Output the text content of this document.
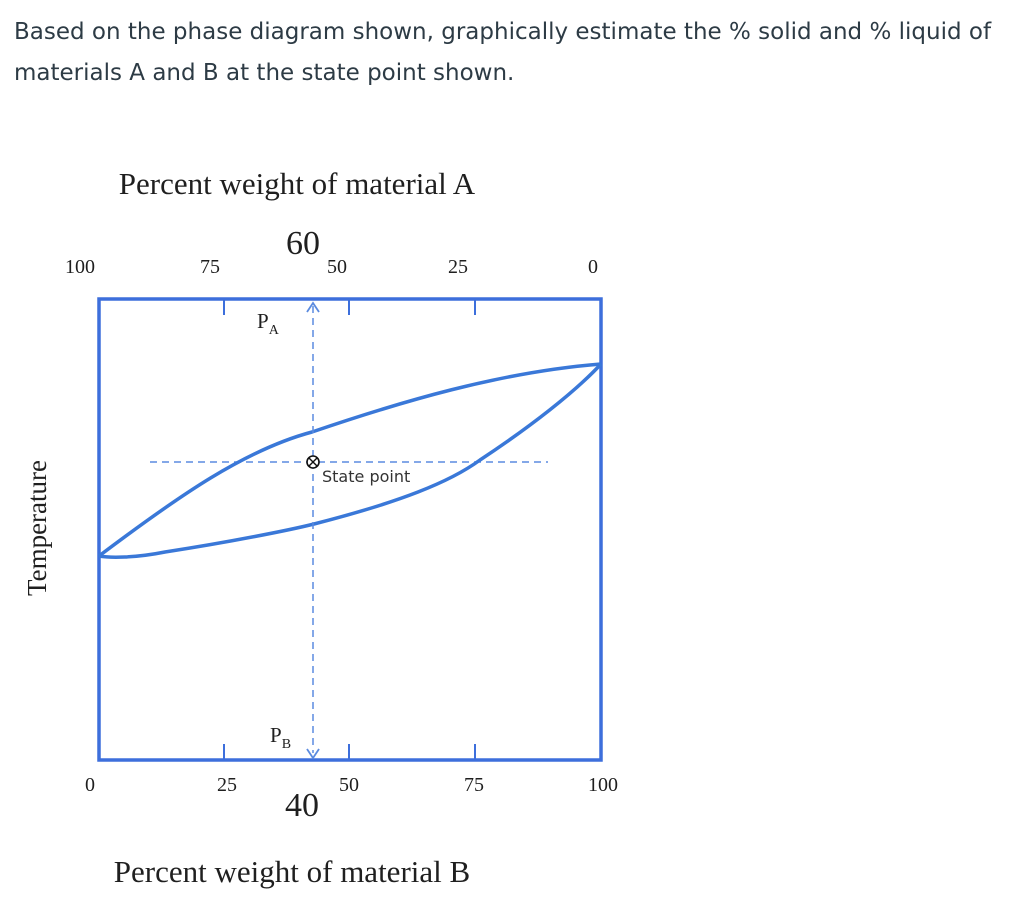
Based on the phase diagram shown, graphically estimate the % solid and % liquid of materials A and B at the state point shown.
Percent weight of material A
Percent weight of material B
Temperature
100	75	50	25	0
60
0	25	50	75	100
40
State point
$P_A$
$P_B$
